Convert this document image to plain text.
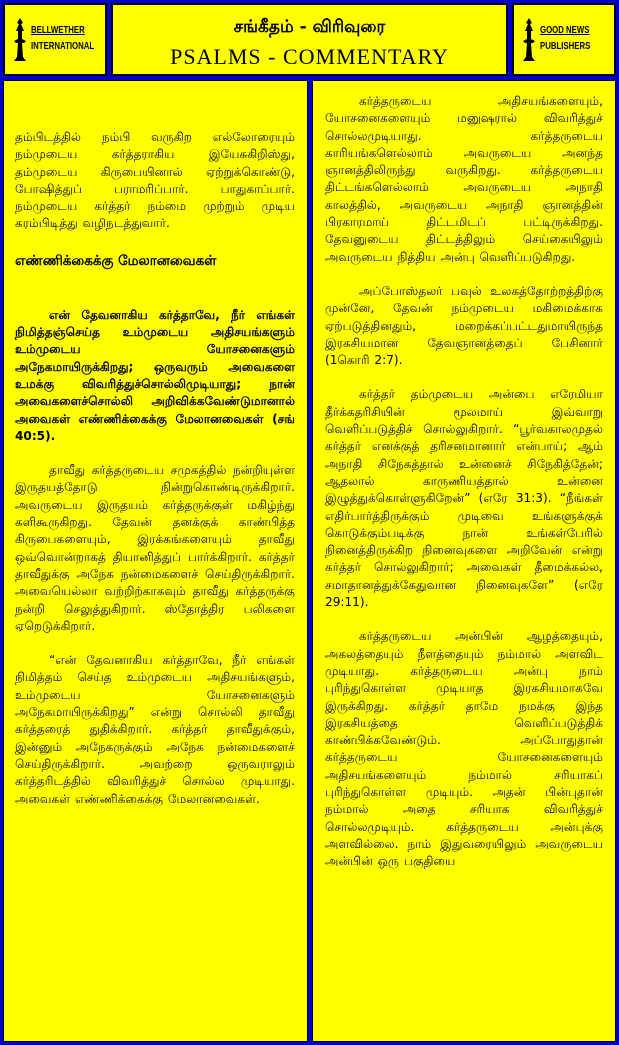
BELLWETHER
INTERNATIONAL
சங்கீதம் - விரிவுரை
PSALMS - COMMENTARY
GOOD NEWS
PUBLISHERS

தம்பிடத்தில் நம்பி வருகிற எல்லோரையும் நம்முடைய கர்த்தராகிய இயேசுகிறிஸ்து, தம்முடைய கிருபையினால் ஏற்றுக்கொண்டு, போஷித்துப் பராமரிப்பார். பாதுகாப்பார். நம்முடைய கர்த்தர் நம்மை முற்றும் முடிய கரம்பிடித்து வழிநடத்துவார்.

எண்ணிக்கைக்கு மேலானவைகள்

என் தேவனாகிய கர்த்தாவே, நீர் எங்கள் நிமித்தஞ்செய்த உம்முடைய அதிசயங்களும் உம்முடைய யோசனைகளும் அநேகமாயிருக்கிறது; ஒருவரும் அவைகளை உமக்கு விவரித்துச்சொல்லிமுடியாது; நான் அவைகளைச்சொல்லி அறிவிக்கவேண்டுமானால் அவைகள் எண்ணிக்கைக்கு மேலானவைகள் (சங் 40:5).

தாவீது கர்த்தருடைய சமுகத்தில் நன்றியுள்ள இருதயத்தோடு நின்றுகொண்டிருக்கிறார். அவருடைய இருதயம் கர்த்தருக்குள் மகிழ்ந்து களிகூருகிறது. தேவன் தனக்குக் காண்பித்த கிருபைகளையும், இரக்கங்களையும் தாவீது ஒவ்வொன்றாகத் தியானித்துப் பார்க்கிறார். கர்த்தர் தாவீதுக்கு அநேக நன்மைகளைச் செய்திருக்கிறார். அவையெல்லா வற்றிற்காகவும் தாவீது கர்த்தருக்கு நன்றி செலுத்துகிறார். ஸ்தோத்திர பலிகளை ஏறெடுக்கிறார்.

“என் தேவனாகிய கர்த்தாவே, நீர் எங்கள் நிமித்தம் செய்த உம்முடைய அதிசயங்களும், உம்முடைய யோசனைகளும் அநேகமாயிருக்கிறது” என்று சொல்லி தாவீது கர்த்தரைத் துதிக்கிறார். கர்த்தர் தாவீதுக்கும், இன்னும் அநேகருக்கும் அநேக நன்மைகளைச் செய்திருக்கிறார். அவற்றை ஒருவராலும் கர்த்தரிடத்தில் விவரித்துச் சொல்ல முடியாது. அவைகள் எண்ணிக்கைக்கு மேலானவைகள்.

கர்த்தருடைய அதிசயங்களையும், யோசனைகளையும் மனுஷரால் விவரித்துச் சொல்லமுடியாது. கர்த்தருடைய காரியங்களெல்லாம் அவருடைய அனந்த ஞானத்திலிருந்து வருகிறது. கர்த்தருடைய திட்டங்களெல்லாம் அவருடைய அநாதி காலத்தில், அவருடைய அநாதி ஞானத்தின் பிரகாரமாய் திட்டமிடப் பட்டிருக்கிறது. தேவனுடைய திட்டத்திலும் செய்கையிலும் அவருடைய நித்திய அன்பு வெளிப்படுகிறது.

அப்போஸ்தலர் பவுல் உலகத்தோற்றத்திற்கு முன்னே, தேவன் நம்முடைய மகிமைக்காக ஏற்படுத்தினதும், மறைக்கப்பட்டதுமாயிருந்த இரகசியமான தேவஞானத்தைப் பேசினார் (1கொரி 2:7).

கர்த்தர் தம்முடைய அன்பை எரேமியா தீர்க்கதரிசியின் மூலமாய் இவ்வாறு வெளிப்படுத்திச் சொல்லுகிறார். “பூர்வகாலமுதல் கர்த்தர் எனக்குத் தரிசனமானார் என்பாய்; ஆம் அநாதி சிநேகத்தால் உன்னைச் சிநேகித்தேன்; ஆதலால் காருணியத்தால் உன்னை இழுத்துக்கொள்ளுகிறேன்” (எரே 31:3). “நீங்கள் எதிர்பார்த்திருக்கும் முடிவை உங்களுக்குக் கொடுக்கும்படிக்கு நான் உங்கள்பேரில் நினைத்திருக்கிற நினைவுகளை அறிவேன் என்று கர்த்தர் சொல்லுகிறார்; அவைகள் தீமைக்கல்ல, சமாதானத்துக்கேதுவான நினைவுகளே” (எரே 29:11).

கர்த்தருடைய அன்பின் ஆழத்தையும், அகலத்தையும் நீளத்தையும் நம்மால் அளவிட முடியாது. கர்த்தருடைய அன்பு நாம் புரிந்துகொள்ள முடியாத இரகசியமாகவே இருக்கிறது. கர்த்தர் தாமே நமக்கு இந்த இரகசியத்தை வெளிப்படுத்திக் காண்பிக்கவேண்டும். அப்போதுதான் கர்த்தருடைய யோசனைகளையும் அதிசயங்களையும் நம்மால் சரியாகப் புரிந்துகொள்ள முடியும். அதன் பின்புதான் நம்மால் அதை சரியாக விவரித்துச் சொல்லமுடியும். கர்த்தருடைய அன்புக்கு அளவில்லை. நாம் இதுவரையிலும் அவருடைய அன்பின் ஒரு பகுதியை
